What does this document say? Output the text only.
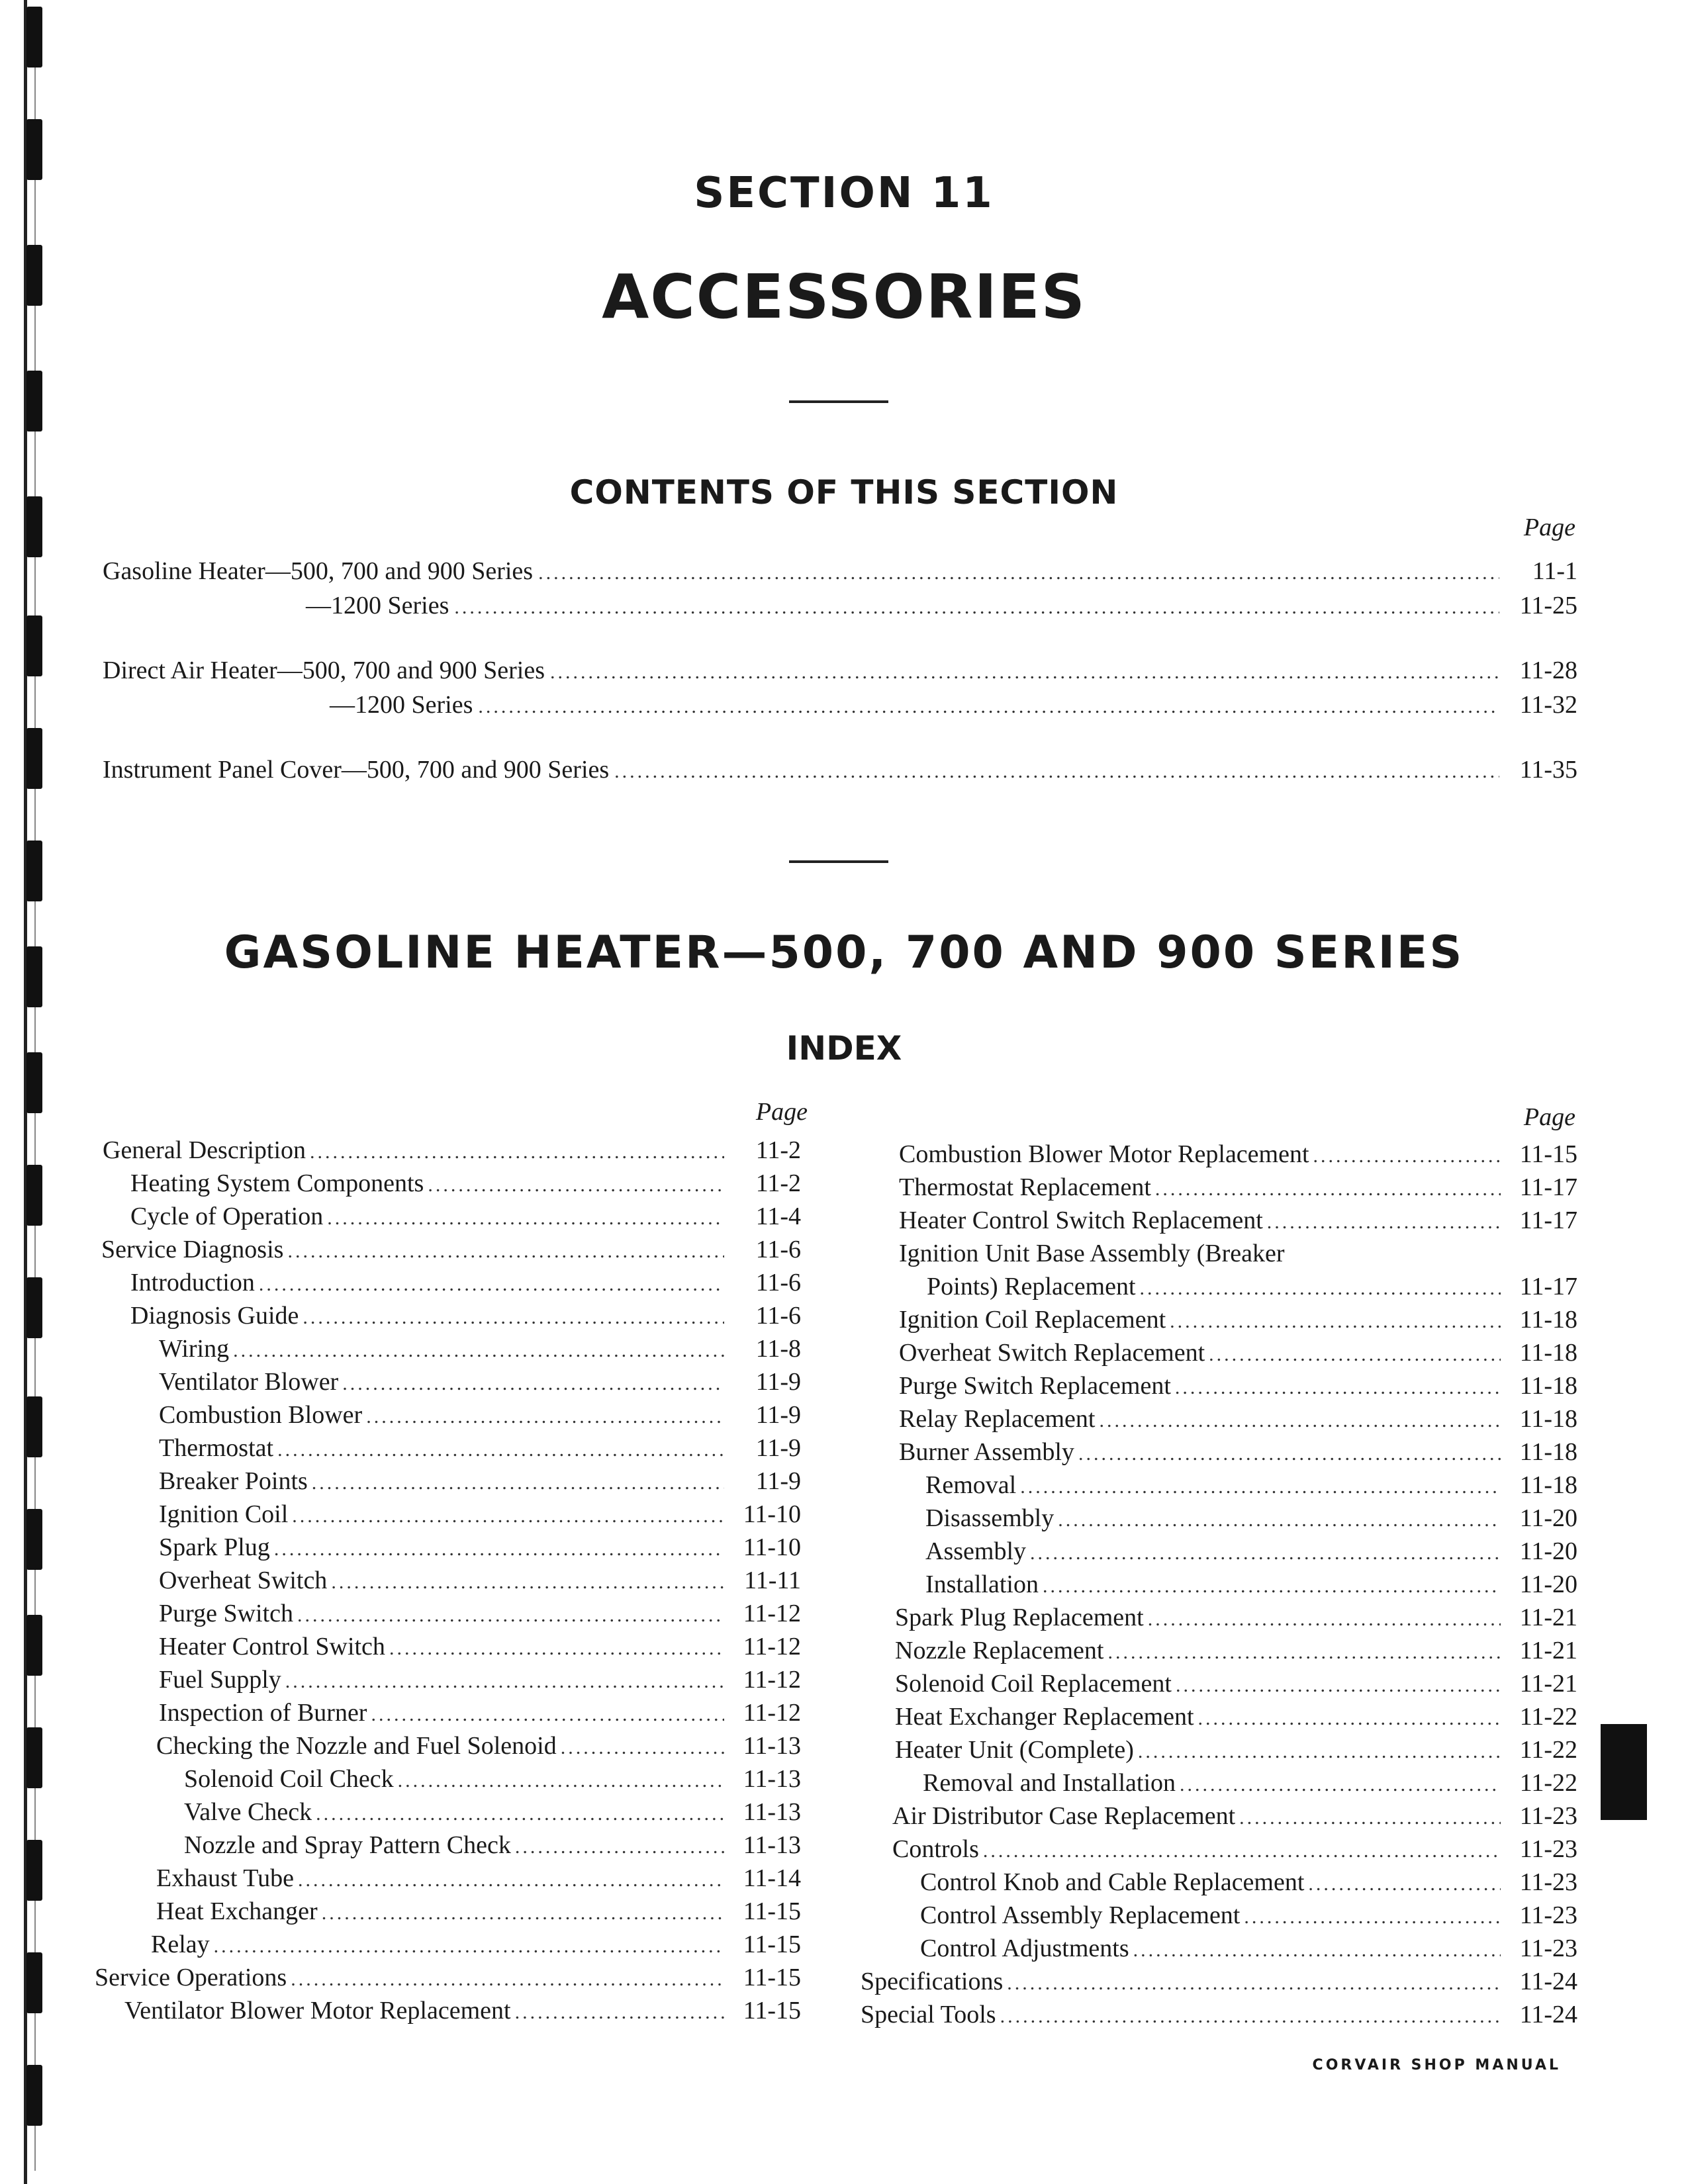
SECTION 11
ACCESSORIES
CONTENTS OF THIS SECTION
Page
Gasoline Heater—500, 700 and 900 Series .....	11-1
—1200 Series .....	11-25
Direct Air Heater—500, 700 and 900 Series .....	11-28
—1200 Series .....	11-32
Instrument Panel Cover—500, 700 and 900 Series .....	11-35
GASOLINE HEATER—500, 700 AND 900 SERIES
INDEX
Page	Page
General Description .....	11-2
Heating System Components .....	11-2
Cycle of Operation .....	11-4
Service Diagnosis .....	11-6
Introduction .....	11-6
Diagnosis Guide .....	11-6
Wiring .....	11-8
Ventilator Blower .....	11-9
Combustion Blower .....	11-9
Thermostat .....	11-9
Breaker Points .....	11-9
Ignition Coil .....	11-10
Spark Plug .....	11-10
Overheat Switch .....	11-11
Purge Switch .....	11-12
Heater Control Switch .....	11-12
Fuel Supply .....	11-12
Inspection of Burner .....	11-12
Checking the Nozzle and Fuel Solenoid .....	11-13
Solenoid Coil Check .....	11-13
Valve Check .....	11-13
Nozzle and Spray Pattern Check .....	11-13
Exhaust Tube .....	11-14
Heat Exchanger .....	11-15
Relay .....	11-15
Service Operations .....	11-15
Ventilator Blower Motor Replacement .....	11-15
Combustion Blower Motor Replacement .....	11-15
Thermostat Replacement .....	11-17
Heater Control Switch Replacement .....	11-17
Ignition Unit Base Assembly (Breaker
Points) Replacement .....	11-17
Ignition Coil Replacement .....	11-18
Overheat Switch Replacement .....	11-18
Purge Switch Replacement .....	11-18
Relay Replacement .....	11-18
Burner Assembly .....	11-18
Removal .....	11-18
Disassembly .....	11-20
Assembly .....	11-20
Installation .....	11-20
Spark Plug Replacement .....	11-21
Nozzle Replacement .....	11-21
Solenoid Coil Replacement .....	11-21
Heat Exchanger Replacement .....	11-22
Heater Unit (Complete) .....	11-22
Removal and Installation .....	11-22
Air Distributor Case Replacement .....	11-23
Controls .....	11-23
Control Knob and Cable Replacement .....	11-23
Control Assembly Replacement .....	11-23
Control Adjustments .....	11-23
Specifications .....	11-24
Special Tools .....	11-24
CORVAIR SHOP MANUAL
